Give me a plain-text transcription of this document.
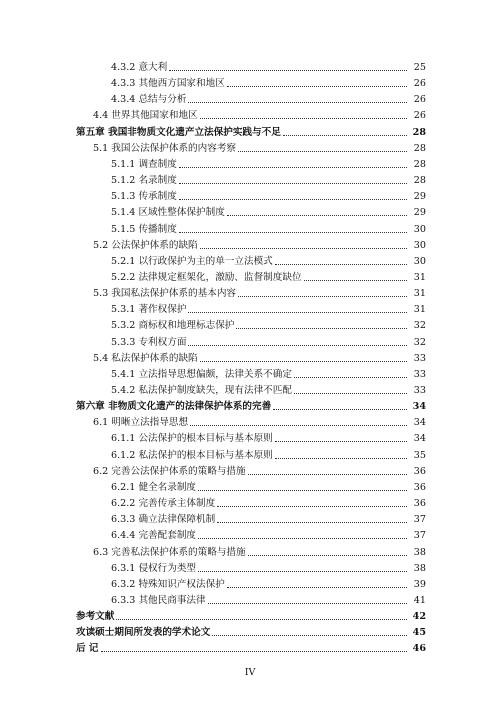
4.3.2 意大利	25
4.3.3 其他西方国家和地区	26
4.3.4 总结与分析	26
4.4 世界其他国家和地区	26
第五章 我国非物质文化遗产立法保护实践与不足	28
5.1 我国公法保护体系的内容考察	28
5.1.1 调查制度	28
5.1.2 名录制度	28
5.1.3 传承制度	29
5.1.4 区域性整体保护制度	29
5.1.5 传播制度	30
5.2 公法保护体系的缺陷	30
5.2.1 以行政保护为主的单一立法模式	30
5.2.2 法律规定框架化，激励、监督制度缺位	31
5.3 我国私法保护体系的基本内容	31
5.3.1 著作权保护	31
5.3.2 商标权和地理标志保护	32
5.3.3 专利权方面	32
5.4 私法保护体系的缺陷	33
5.4.1 立法指导思想偏颇，法律关系不确定	33
5.4.2 私法保护制度缺失，现有法律不匹配	33
第六章 非物质文化遗产的法律保护体系的完善	34
6.1 明晰立法指导思想	34
6.1.1 公法保护的根本目标与基本原则	34
6.1.2 私法保护的根本目标与基本原则	35
6.2 完善公法保护体系的策略与措施	36
6.2.1 健全名录制度	36
6.2.2 完善传承主体制度	36
6.3.3 确立法律保障机制	37
6.4.4 完善配套制度	37
6.3 完善私法保护体系的策略与措施	38
6.3.1 侵权行为类型	38
6.3.2 特殊知识产权法保护	39
6.3.3 其他民商事法律	41
参考文献	42
攻读硕士期间所发表的学术论文	45
后 记	46
IV
